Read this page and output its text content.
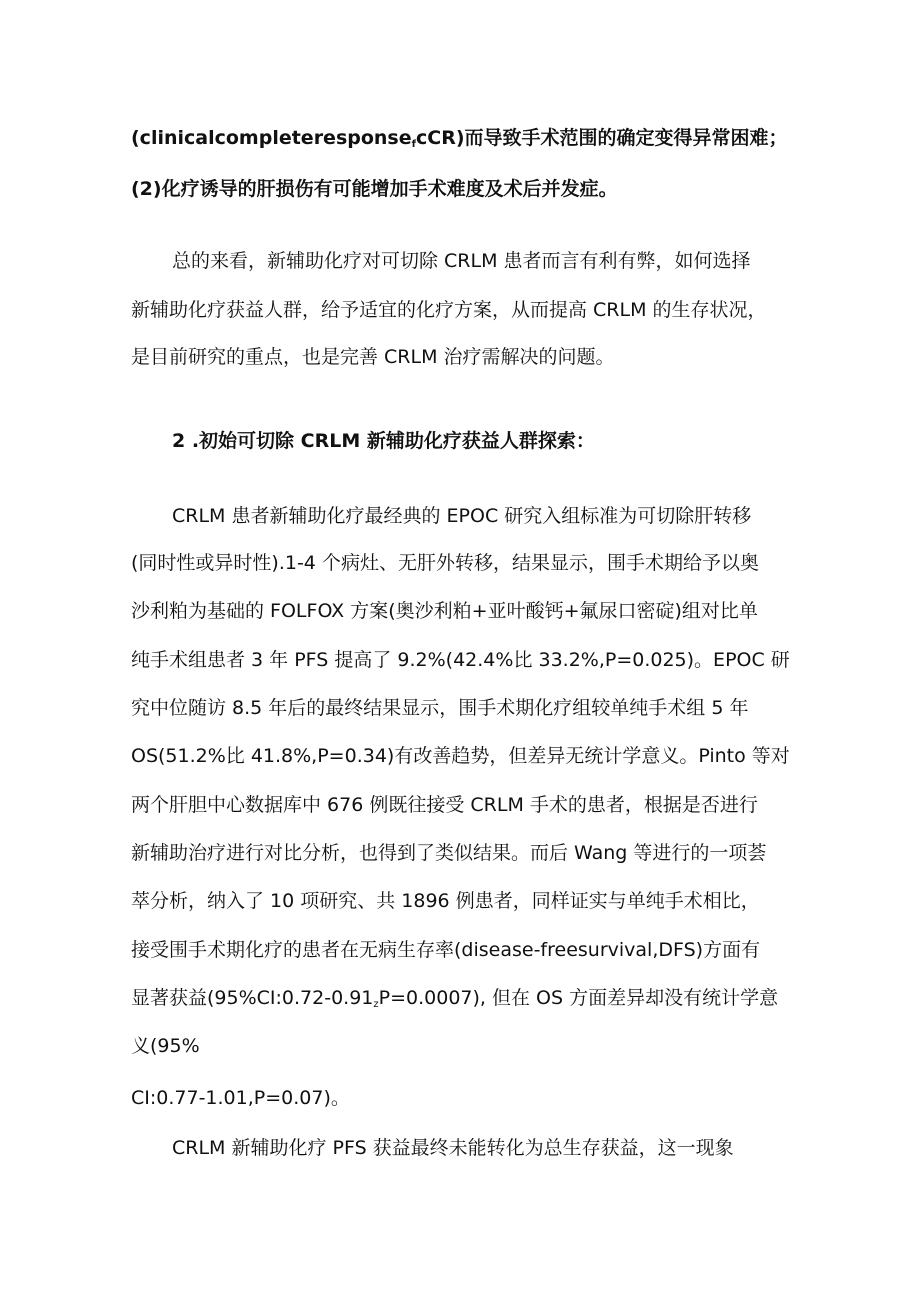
(clinicalcompleteresponse$_f$cCR)而导致手术范围的确定变得异常困难；
(2)化疗诱导的肝损伤有可能增加手术难度及术后并发症。
总的来看，新辅助化疗对可切除 CRLM 患者而言有利有弊，如何选择
新辅助化疗获益人群，给予适宜的化疗方案，从而提高 CRLM 的生存状况，
是目前研究的重点，也是完善 CRLM 治疗需解决的问题。
2 .初始可切除 CRLM 新辅助化疗获益人群探索：
CRLM 患者新辅助化疗最经典的 EPOC 研究入组标准为可切除肝转移
(同时性或异时性).1-4 个病灶、无肝外转移，结果显示，围手术期给予以奥
沙利粕为基础的 FOLFOX 方案(奥沙利粕+亚叶酸钙+氟尿口密碇)组对比单
纯手术组患者 3 年 PFS 提高了 9.2%(42.4%比 33.2%,P=0.025)。EPOC 研
究中位随访 8.5 年后的最终结果显示，围手术期化疗组较单纯手术组 5 年
OS(51.2%比 41.8%,P=0.34)有改善趋势，但差异无统计学意义。Pinto 等对
两个肝胆中心数据库中 676 例既往接受 CRLM 手术的患者，根据是否进行
新辅助治疗进行对比分析，也得到了类似结果。而后 Wang 等进行的一项荟
萃分析，纳入了 10 项研究、共 1896 例患者，同样证实与单纯手术相比，
接受围手术期化疗的患者在无病生存率(disease-freesurvival,DFS)方面有
显著获益(95%CI:0.72-0.91zP=0.0007), 但在 OS 方面差异却没有统计学意
义(95%
CI:0.77-1.01,P=0.07)。
CRLM 新辅助化疗 PFS 获益最终未能转化为总生存获益，这一现象
